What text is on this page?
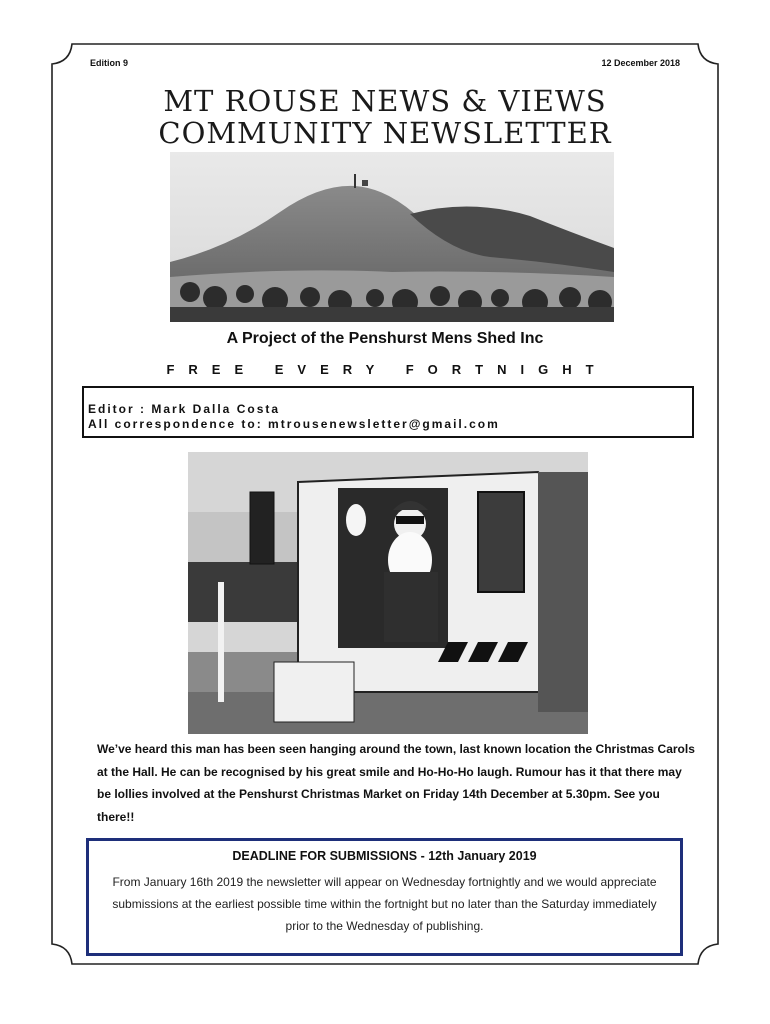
Edition 9	12 December 2018
MT ROUSE NEWS & VIEWS
COMMUNITY NEWSLETTER
A Project of the Penshurst Mens Shed Inc
FREE EVERY FORTNIGHT
Editor : Mark Dalla Costa
All correspondence to: mtrousenewsletter@gmail.com
We’ve heard this man has been seen hanging around the town, last known location the Christmas Carols at the Hall. He can be recognised by his great smile and Ho-Ho-Ho laugh. Rumour has it that there may be lollies involved at the Penshurst Christmas Market on Friday 14th December at 5.30pm. See you there!!
DEADLINE FOR SUBMISSIONS - 12th January 2019
From January 16th 2019 the newsletter will appear on Wednesday fortnightly and we would appreciate submissions at the earliest possible time within the fortnight but no later than the Saturday immediately prior to the Wednesday of publishing.
